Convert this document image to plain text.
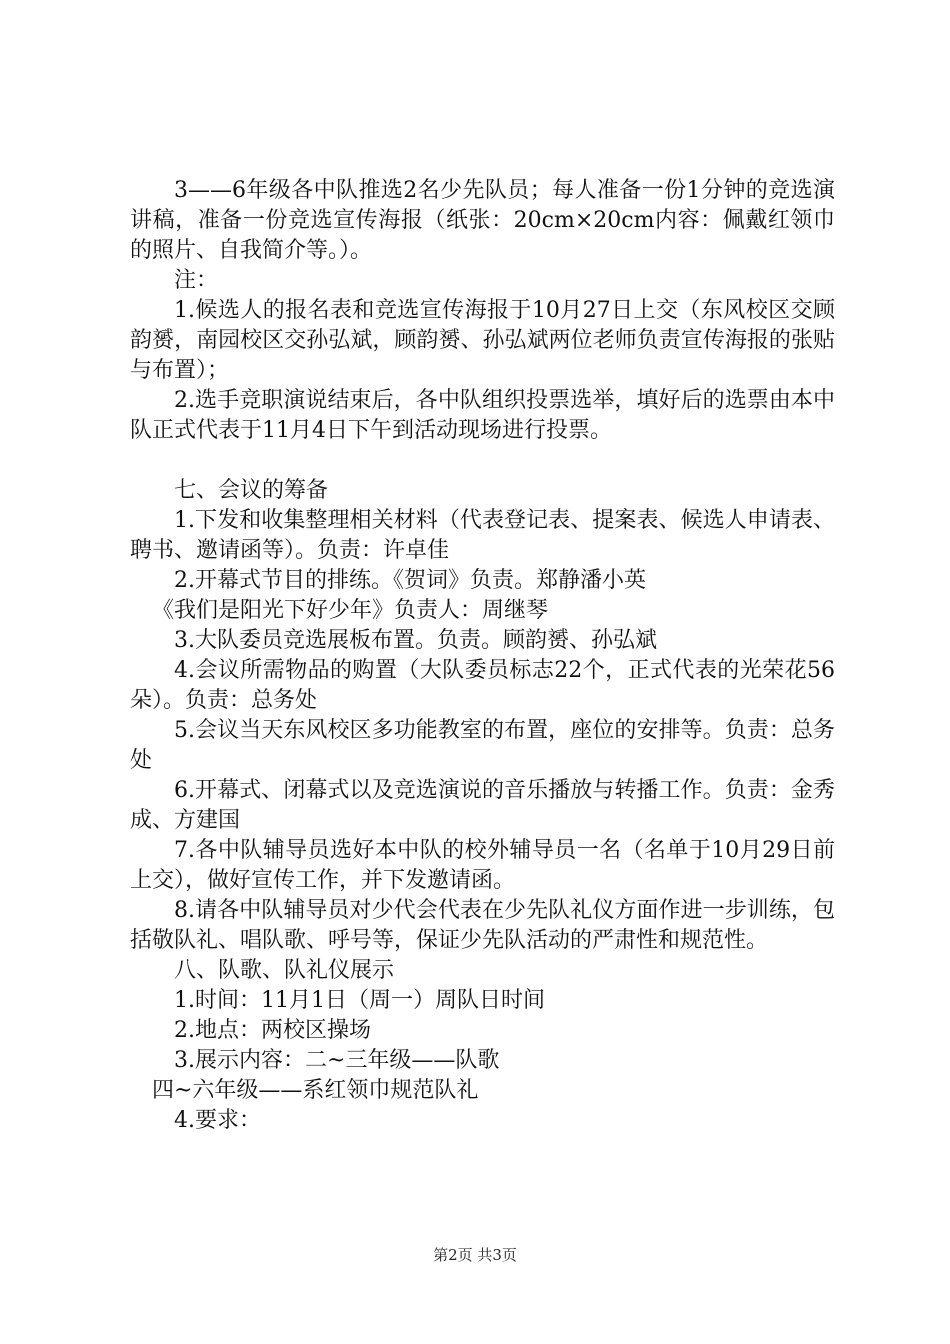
3——6年级各中队推选2名少先队员；每人准备一份1分钟的竞选演讲稿，准备一份竞选宣传海报（纸张：20cm×20cm内容：佩戴红领巾的照片、自我简介等。）。

注：

1.候选人的报名表和竞选宣传海报于10月27日上交（东风校区交顾韵赟，南园校区交孙弘斌，顾韵赟、孙弘斌两位老师负责宣传海报的张贴与布置）；

2.选手竞职演说结束后，各中队组织投票选举，填好后的选票由本中队正式代表于11月4日下午到活动现场进行投票。

七、会议的筹备

1.下发和收集整理相关材料（代表登记表、提案表、候选人申请表、聘书、邀请函等）。负责：许卓佳

2.开幕式节目的排练。《贺词》负责。郑静潘小英

《我们是阳光下好少年》负责人：周继琴

3.大队委员竞选展板布置。负责。顾韵赟、孙弘斌

4.会议所需物品的购置（大队委员标志22个，正式代表的光荣花56朵）。负责：总务处

5.会议当天东风校区多功能教室的布置，座位的安排等。负责：总务处

6.开幕式、闭幕式以及竞选演说的音乐播放与转播工作。负责：金秀成、方建国

7.各中队辅导员选好本中队的校外辅导员一名（名单于10月29日前上交），做好宣传工作，并下发邀请函。

8.请各中队辅导员对少代会代表在少先队礼仪方面作进一步训练，包括敬队礼、唱队歌、呼号等，保证少先队活动的严肃性和规范性。

八、队歌、队礼仪展示

1.时间：11月1日（周一）周队日时间

2.地点：两校区操场

3.展示内容：二~三年级——队歌

四~六年级——系红领巾规范队礼

4.要求：

第2页 共3页
